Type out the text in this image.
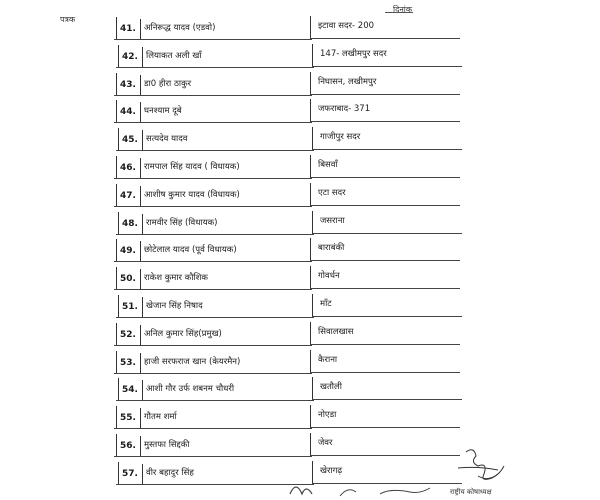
पत्रक
दिनांक
41. अनिरूद्ध यादव (एडवो)	इटावा सदर- 200
42. लियाकत अली खाँ	147- लखीमपुर सदर
43. डा0 हीरा ठाकुर	निघासन, लखीमपुर
44. घनश्याम दूबे	जफराबाद- 371
45. सत्यदेव यादव	गाजीपुर सदर
46. रामपाल सिंह यादव ( विधायक)	बिसवाँ
47. आशीष कुमार यादव (विधायक)	एटा सदर
48. रामवीर सिंह (विधायक)	जसराना
49. छोटेलाल यादव (पूर्व विधायक)	बाराबंकी
50. राकेश कुमार कौशिक	गोवर्धन
51. खेजान सिंह निषाद	माँट
52. अनिल कुमार सिंह(प्रमुख)	सिवालखास
53. हाजी सरफराज खान (केयरमैन)	कैराना
54. आशी गौर उर्फ शबनम चौधरी	खतौली
55. गौतम शर्मा	नोएडा
56. मुस्तफा सिद्दकी	जेवर
57. वीर बहादुर सिंह	खेरागढ़
राष्ट्रीय कोषाध्यक्ष
